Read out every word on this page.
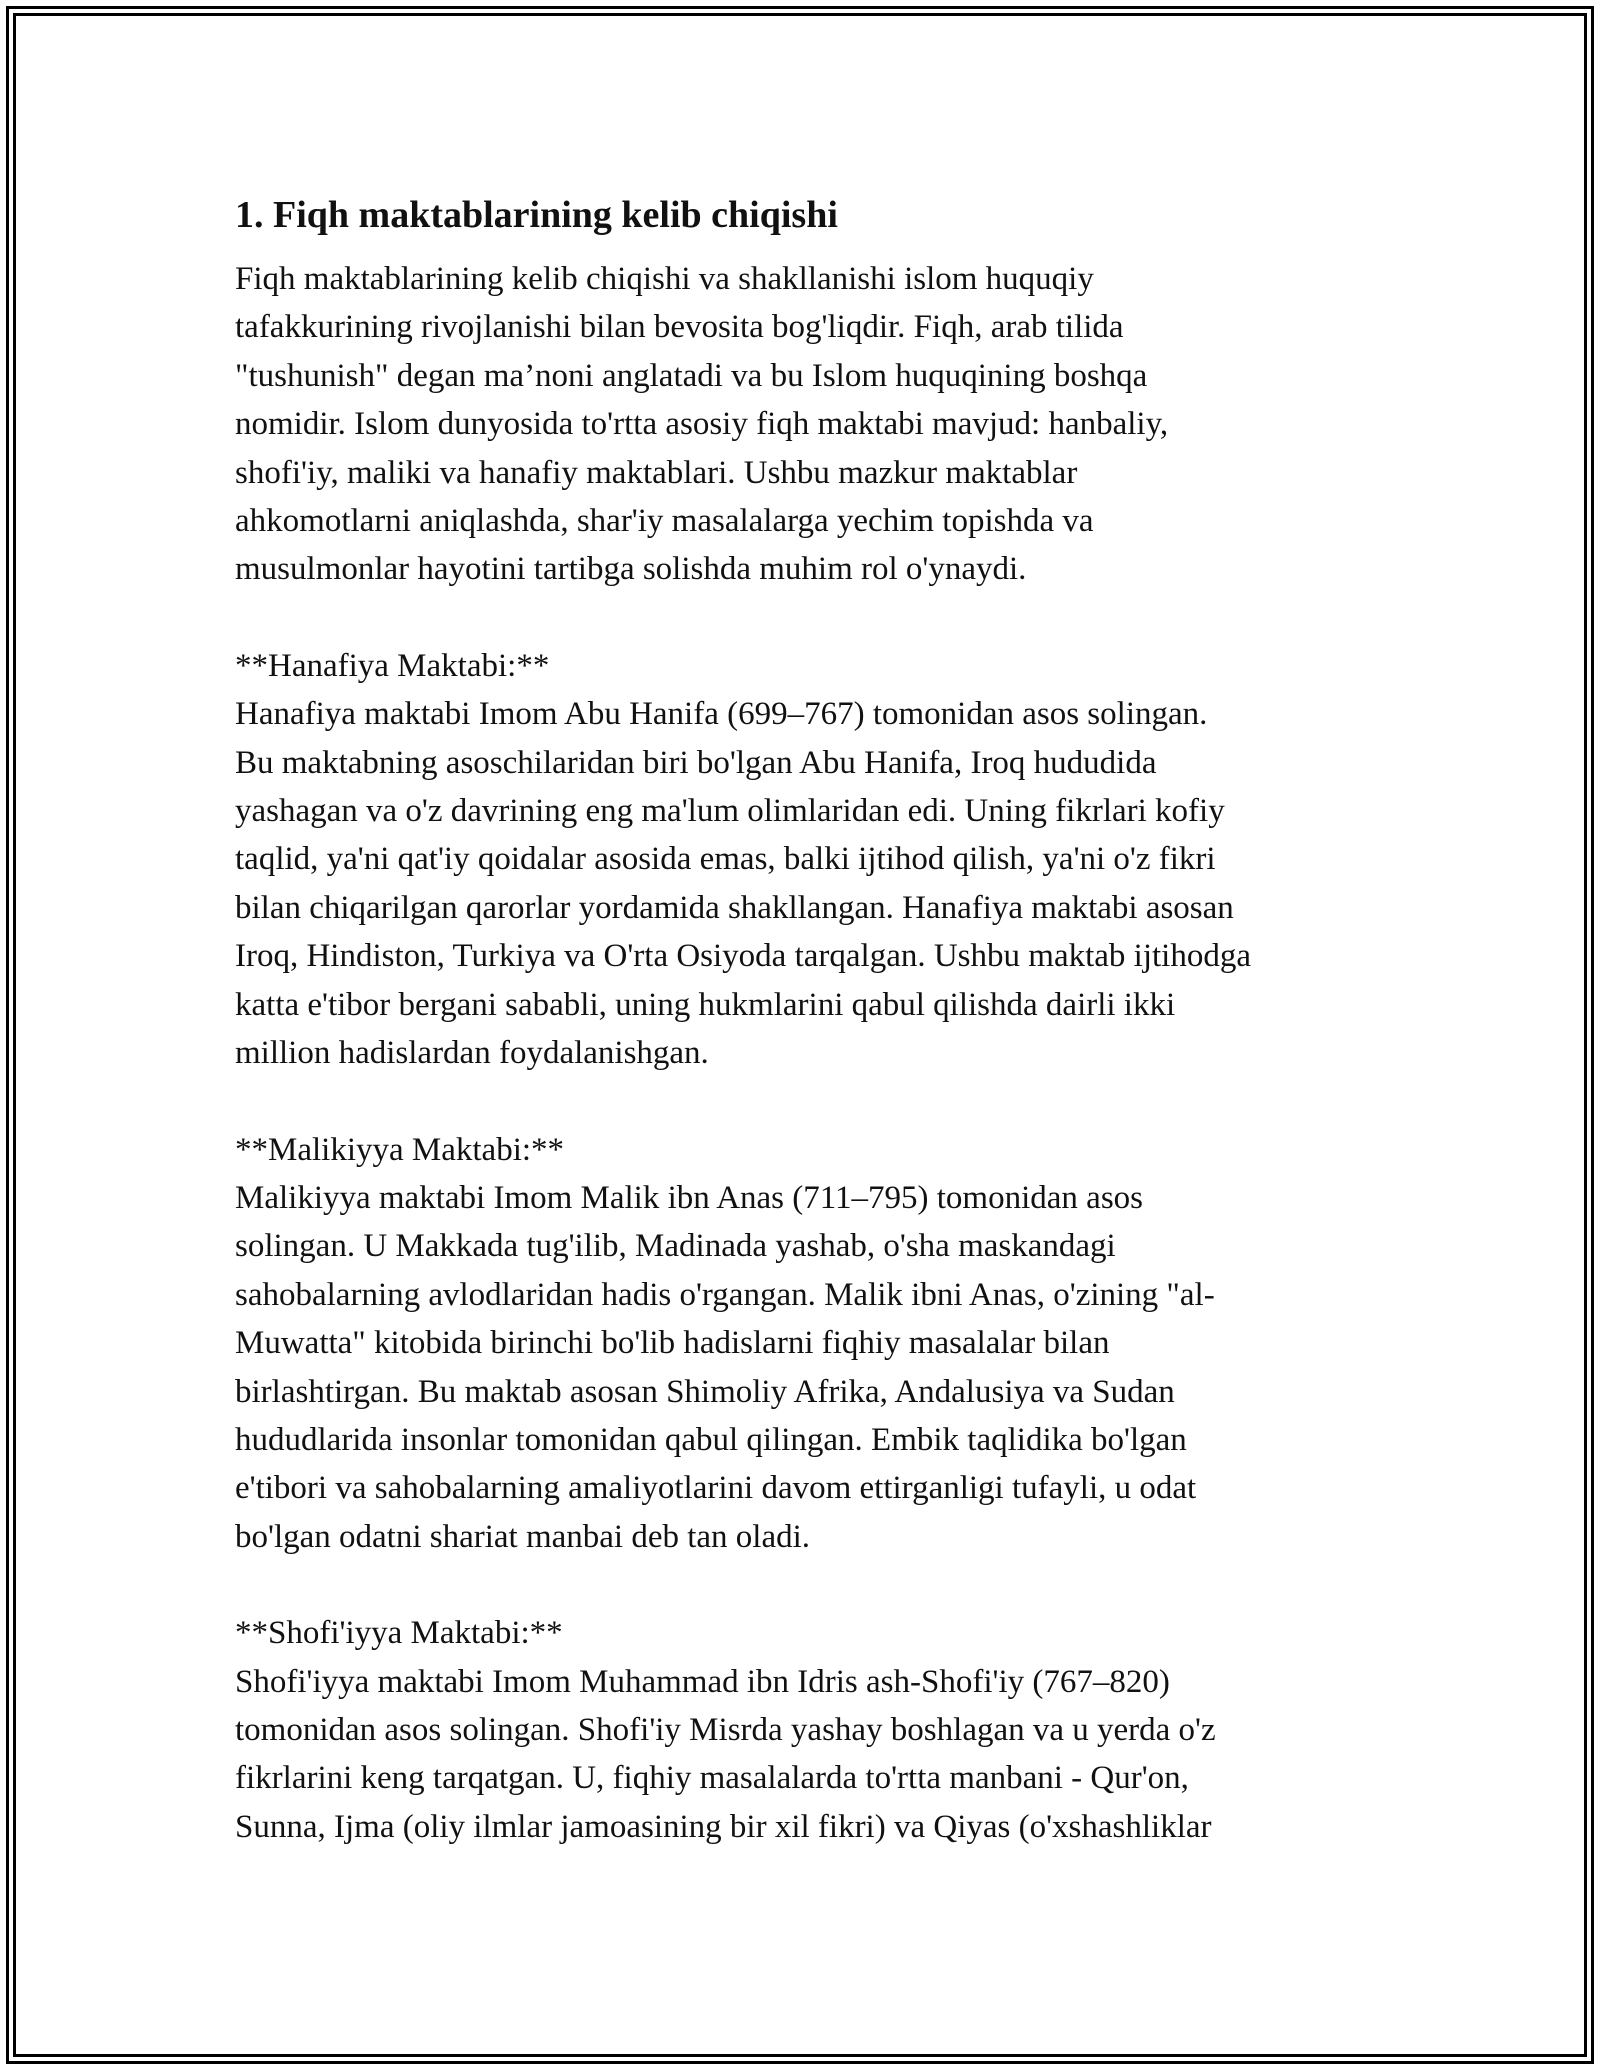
1. Fiqh maktablarining kelib chiqishi

Fiqh maktablarining kelib chiqishi va shakllanishi islom huquqiy
tafakkurining rivojlanishi bilan bevosita bog'liqdir. Fiqh, arab tilida
"tushunish" degan ma’noni anglatadi va bu Islom huquqining boshqa
nomidir. Islom dunyosida to'rtta asosiy fiqh maktabi mavjud: hanbaliy,
shofi'iy, maliki va hanafiy maktablari. Ushbu mazkur maktablar
ahkomotlarni aniqlashda, shar'iy masalalarga yechim topishda va
musulmonlar hayotini tartibga solishda muhim rol o'ynaydi.

**Hanafiya Maktabi:**

Hanafiya maktabi Imom Abu Hanifa (699–767) tomonidan asos solingan.
Bu maktabning asoschilaridan biri bo'lgan Abu Hanifa, Iroq hududida
yashagan va o'z davrining eng ma'lum olimlaridan edi. Uning fikrlari kofiy
taqlid, ya'ni qat'iy qoidalar asosida emas, balki ijtihod qilish, ya'ni o'z fikri
bilan chiqarilgan qarorlar yordamida shakllangan. Hanafiya maktabi asosan
Iroq, Hindiston, Turkiya va O'rta Osiyoda tarqalgan. Ushbu maktab ijtihodga
katta e'tibor bergani sababli, uning hukmlarini qabul qilishda dairli ikki
million hadislardan foydalanishgan.

**Malikiyya Maktabi:**

Malikiyya maktabi Imom Malik ibn Anas (711–795) tomonidan asos
solingan. U Makkada tug'ilib, Madinada yashab, o'sha maskandagi
sahobalarning avlodlaridan hadis o'rgangan. Malik ibni Anas, o'zining "al-
Muwatta" kitobida birinchi bo'lib hadislarni fiqhiy masalalar bilan
birlashtirgan. Bu maktab asosan Shimoliy Afrika, Andalusiya va Sudan
hududlarida insonlar tomonidan qabul qilingan. Embik taqlidika bo'lgan
e'tibori va sahobalarning amaliyotlarini davom ettirganligi tufayli, u odat
bo'lgan odatni shariat manbai deb tan oladi.

**Shofi'iyya Maktabi:**

Shofi'iyya maktabi Imom Muhammad ibn Idris ash-Shofi'iy (767–820)
tomonidan asos solingan. Shofi'iy Misrda yashay boshlagan va u yerda o'z
fikrlarini keng tarqatgan. U, fiqhiy masalalarda to'rtta manbani - Qur'on,
Sunna, Ijma (oliy ilmlar jamoasining bir xil fikri) va Qiyas (o'xshashliklar
